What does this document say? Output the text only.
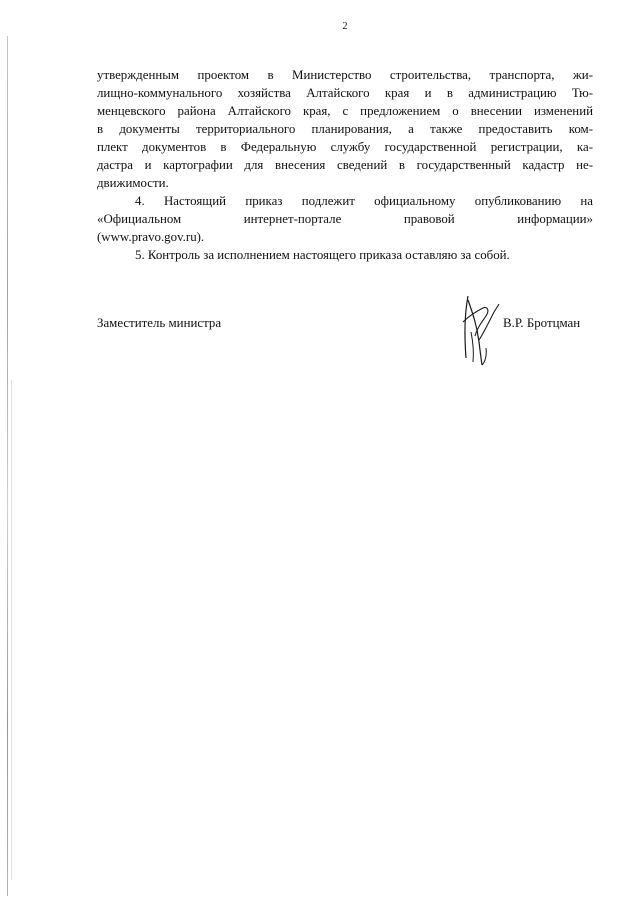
2

утвержденным проектом в Министерство строительства, транспорта, жи-
лищно-коммунального хозяйства Алтайского края и в администрацию Тю-
менцевского района Алтайского края, с предложением о внесении изменений
в документы территориального планирования, а также предоставить ком-
плект документов в Федеральную службу государственной регистрации, ка-
дастра и картографии для внесения сведений в государственный кадастр не-
движимости.

4. Настоящий приказ подлежит официальному опубликованию на
«Официальном интернет-портале правовой информации»
(www.pravo.gov.ru).

5. Контроль за исполнением настоящего приказа оставляю за собой.

Заместитель министра	В.Р. Бротцман
